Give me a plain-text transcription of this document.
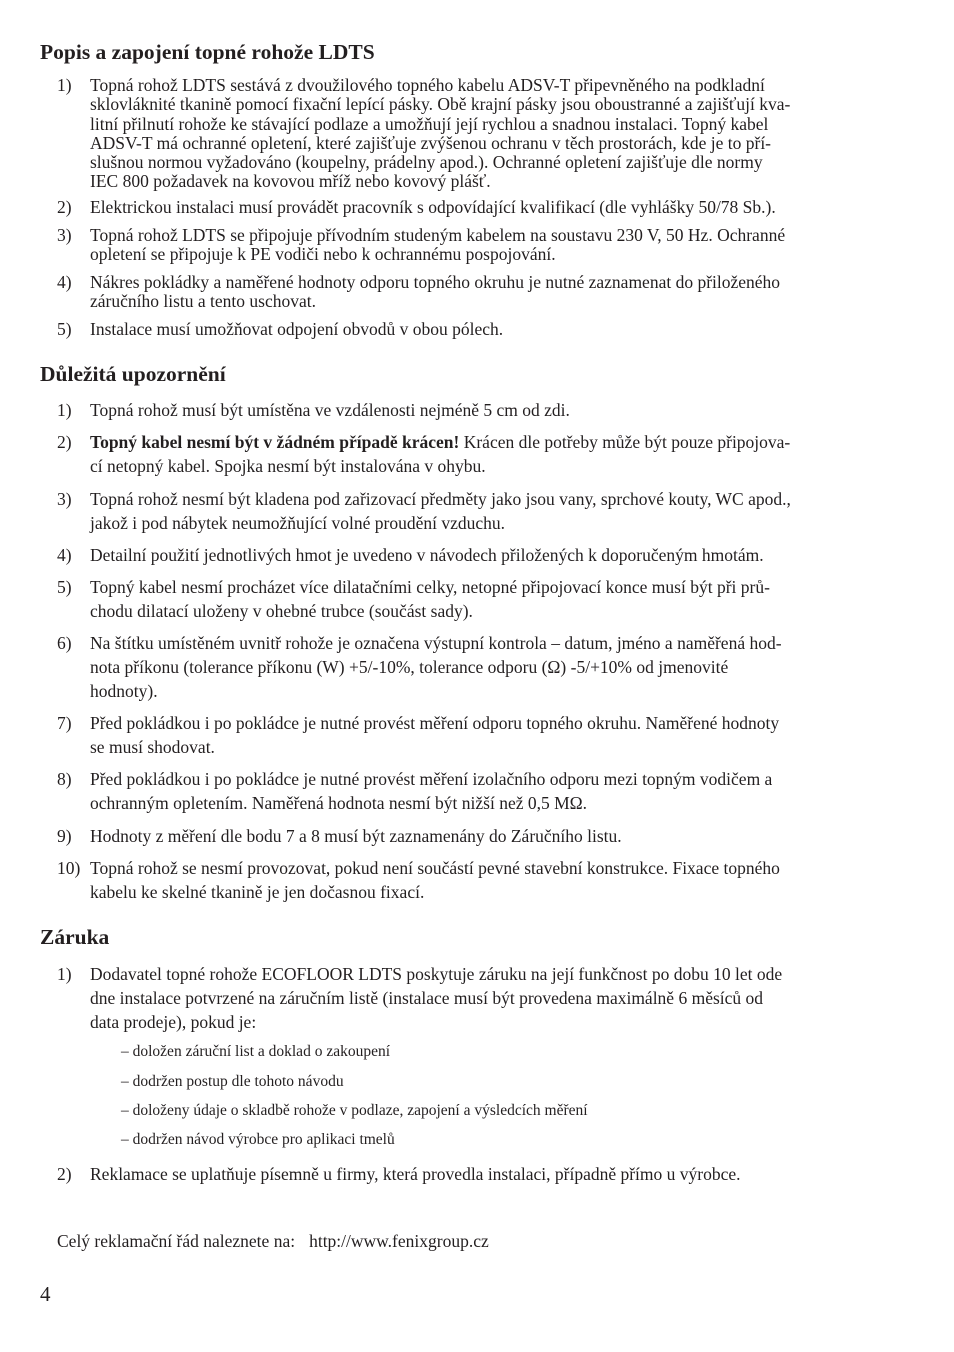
Popis a zapojení topné rohože LDTS
1) Topná rohož LDTS sestává z dvoužilového topného kabelu ADSV-T připevněného na podkladní
sklovláknité tkanině pomocí fixační lepící pásky. Obě krajní pásky jsou oboustranné a zajišťují kva-
litní přilnutí rohože ke stávající podlaze a umožňují její rychlou a snadnou instalaci. Topný kabel
ADSV-T má ochranné opletení, které zajišťuje zvýšenou ochranu v těch prostorách, kde je to pří-
slušnou normou vyžadováno (koupelny, prádelny apod.). Ochranné opletení zajišťuje dle normy
IEC 800 požadavek na kovovou mříž nebo kovový plášť.
2) Elektrickou instalaci musí provádět pracovník s odpovídající kvalifikací (dle vyhlášky 50/78 Sb.).
3) Topná rohož LDTS se připojuje přívodním studeným kabelem na soustavu 230 V, 50 Hz. Ochranné
opletení se připojuje k PE vodiči nebo k ochrannému pospojování.
4) Nákres pokládky a naměřené hodnoty odporu topného okruhu je nutné zaznamenat do přiloženého
záručního listu a tento uschovat.
5) Instalace musí umožňovat odpojení obvodů v obou pólech.
Důležitá upozornění
1) Topná rohož musí být umístěna ve vzdálenosti nejméně 5 cm od zdi.
2) Topný kabel nesmí být v žádném případě krácen! Krácen dle potřeby může být pouze připojova-
cí netopný kabel. Spojka nesmí být instalována v ohybu.
3) Topná rohož nesmí být kladena pod zařizovací předměty jako jsou vany, sprchové kouty, WC apod.,
jakož i pod nábytek neumožňující volné proudění vzduchu.
4) Detailní použití jednotlivých hmot je uvedeno v návodech přiložených k doporučeným hmotám.
5) Topný kabel nesmí procházet více dilatačními celky, netopné připojovací konce musí být při prů-
chodu dilatací uloženy v ohebné trubce (součást sady).
6) Na štítku umístěném uvnitř rohože je označena výstupní kontrola – datum, jméno a naměřená hod-
nota příkonu (tolerance příkonu (W) +5/-10%, tolerance odporu (Ω) -5/+10% od jmenovité
hodnoty).
7) Před pokládkou i po pokládce je nutné provést měření odporu topného okruhu. Naměřené hodnoty
se musí shodovat.
8) Před pokládkou i po pokládce je nutné provést měření izolačního odporu mezi topným vodičem a
ochranným opletením. Naměřená hodnota nesmí být nižší než 0,5 MΩ.
9) Hodnoty z měření dle bodu 7 a 8 musí být zaznamenány do Záručního listu.
10) Topná rohož se nesmí provozovat, pokud není součástí pevné stavební konstrukce. Fixace topného
kabelu ke skelné tkanině je jen dočasnou fixací.
Záruka
1) Dodavatel topné rohože ECOFLOOR LDTS poskytuje záruku na její funkčnost po dobu 10 let ode
dne instalace potvrzené na záručním listě (instalace musí být provedena maximálně 6 měsíců od
data prodeje), pokud je:
– doložen záruční list a doklad o zakoupení
– dodržen postup dle tohoto návodu
– doloženy údaje o skladbě rohože v podlaze, zapojení a výsledcích měření
– dodržen návod výrobce pro aplikaci tmelů
2) Reklamace se uplatňuje písemně u firmy, která provedla instalaci, případně přímo u výrobce.
Celý reklamační řád naleznete na: http://www.fenixgroup.cz
4
